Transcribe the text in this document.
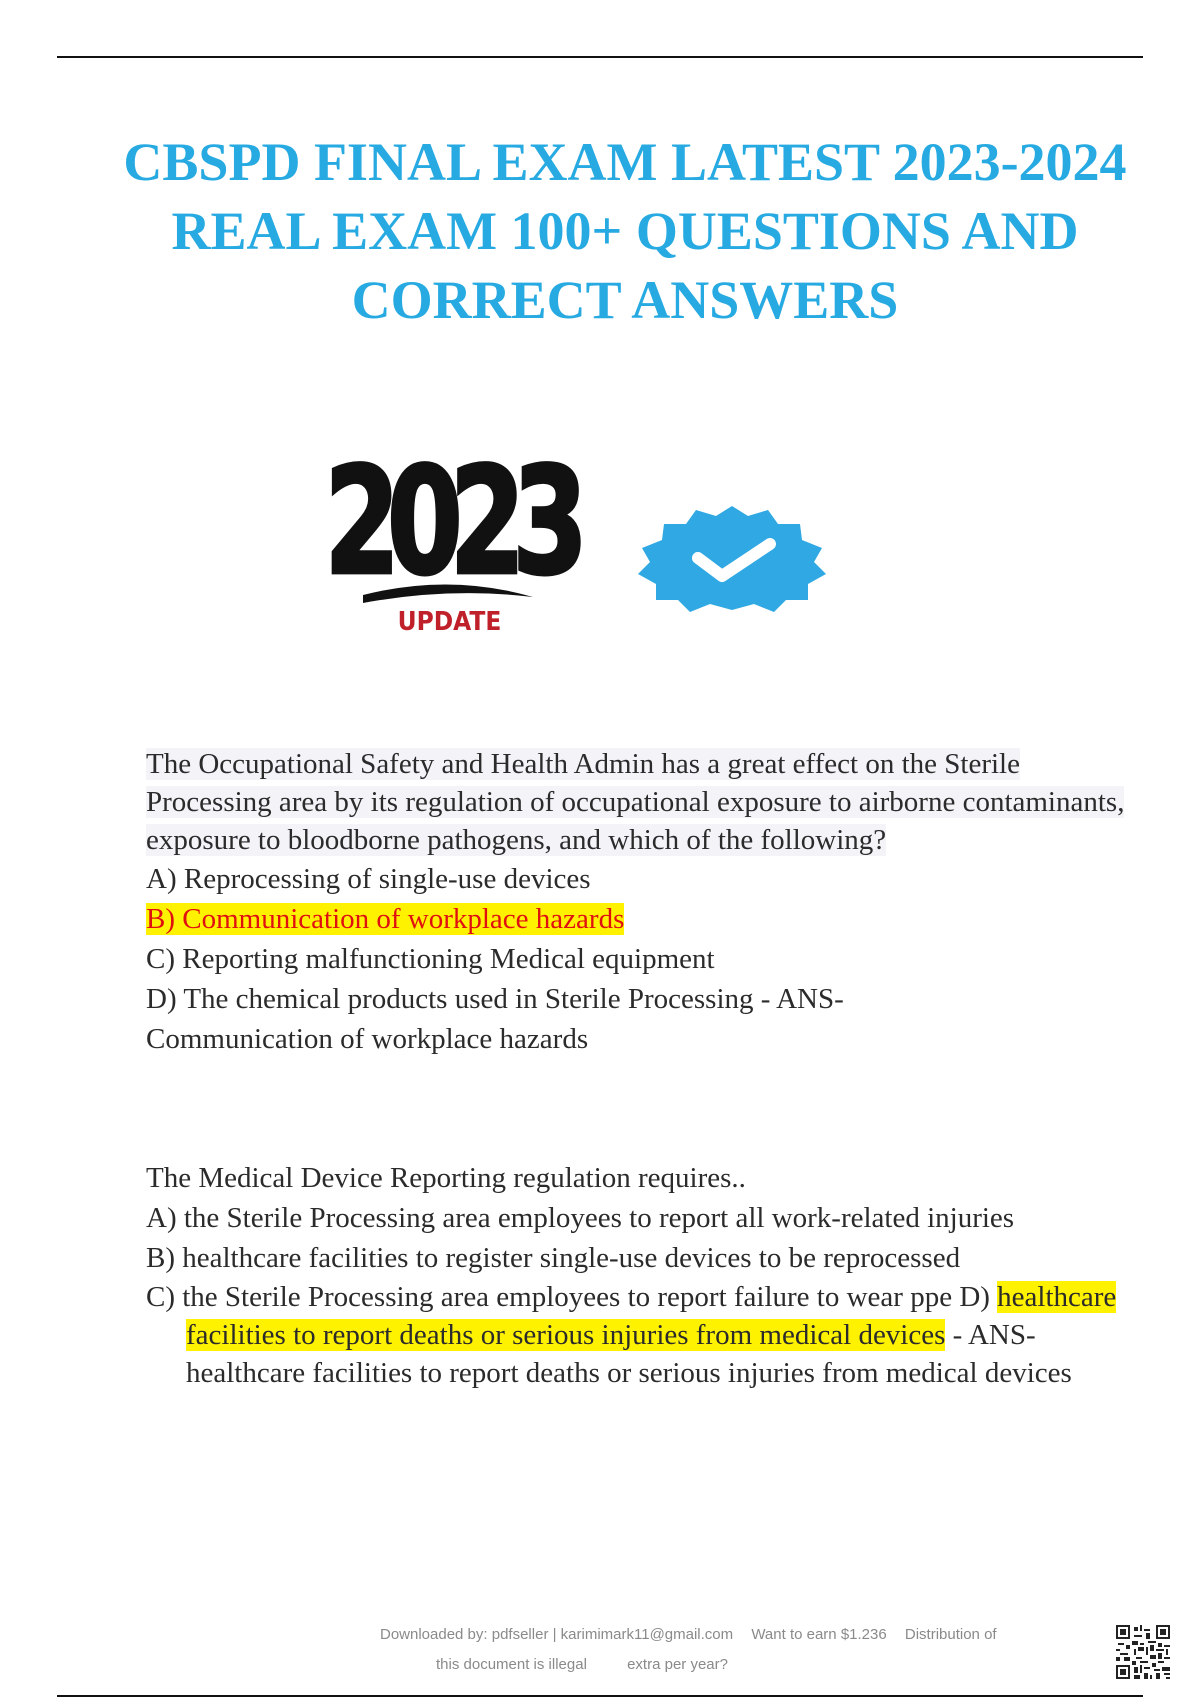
CBSPD FINAL EXAM LATEST 2023-2024
REAL EXAM 100+ QUESTIONS AND
CORRECT ANSWERS
2023
UPDATE
The Occupational Safety and Health Admin has a great effect on the Sterile Processing area by its regulation of occupational exposure to airborne contaminants, exposure to bloodborne pathogens, and which of the following?
A) Reprocessing of single-use devices
B) Communication of workplace hazards
C) Reporting malfunctioning Medical equipment
D) The chemical products used in Sterile Processing - ANS-
Communication of workplace hazards
The Medical Device Reporting regulation requires..
A) the Sterile Processing area employees to report all work-related injuries
B) healthcare facilities to register single-use devices to be reprocessed
C) the Sterile Processing area employees to report failure to wear ppe D) healthcare facilities to report deaths or serious injuries from medical devices - ANS- healthcare facilities to report deaths or serious injuries from medical devices
Downloaded by: pdfseller | karimimark11@gmail.com Want to earn $1.236 Distribution of
this document is illegal	extra per year?
